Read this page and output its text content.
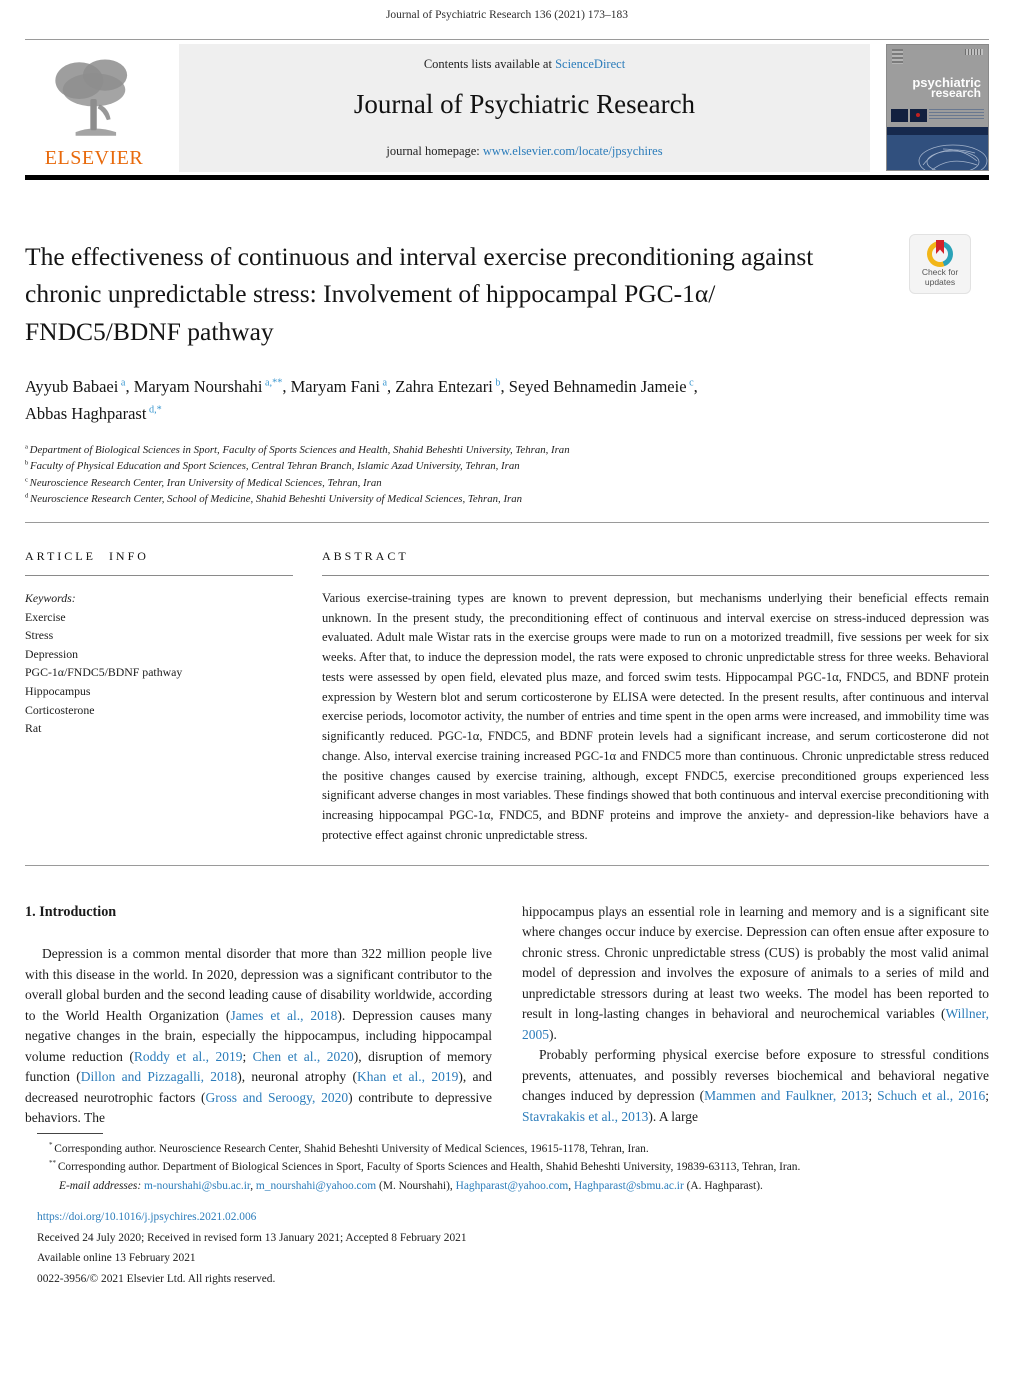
Journal of Psychiatric Research 136 (2021) 173–183
ELSEVIER
Contents lists available at ScienceDirect
Journal of Psychiatric Research
journal homepage: www.elsevier.com/locate/jpsychires
psychiatric
research
The effectiveness of continuous and interval exercise preconditioning against chronic unpredictable stress: Involvement of hippocampal PGC-1α/ FNDC5/BDNF pathway
Check for
updates
Ayyub Babaei $^a$, Maryam Nourshahi $^{a,**}$, Maryam Fani $^a$, Zahra Entezari $^b$, Seyed Behnamedin Jameie $^c$, Abbas Haghparast $^{d,*}$
$^a$ Department of Biological Sciences in Sport, Faculty of Sports Sciences and Health, Shahid Beheshti University, Tehran, Iran
$^b$ Faculty of Physical Education and Sport Sciences, Central Tehran Branch, Islamic Azad University, Tehran, Iran
$^c$ Neuroscience Research Center, Iran University of Medical Sciences, Tehran, Iran
$^d$ Neuroscience Research Center, School of Medicine, Shahid Beheshti University of Medical Sciences, Tehran, Iran
ARTICLE INFO
Keywords:
Exercise
Stress
Depression
PGC-1α/FNDC5/BDNF pathway
Hippocampus
Corticosterone
Rat
ABSTRACT
Various exercise-training types are known to prevent depression, but mechanisms underlying their beneficial effects remain unknown. In the present study, the preconditioning effect of continuous and interval exercise on stress-induced depression was evaluated. Adult male Wistar rats in the exercise groups were made to run on a motorized treadmill, five sessions per week for six weeks. After that, to induce the depression model, the rats were exposed to chronic unpredictable stress for three weeks. Behavioral tests were assessed by open field, elevated plus maze, and forced swim tests. Hippocampal PGC-1α, FNDC5, and BDNF protein expression by Western blot and serum corticosterone by ELISA were detected. In the present results, after continuous and interval exercise periods, locomotor activity, the number of entries and time spent in the open arms were increased, and immobility time was significantly reduced. PGC-1α, FNDC5, and BDNF protein levels had a significant increase, and serum corticosterone did not change. Also, interval exercise training increased PGC-1α and FNDC5 more than continuous. Chronic unpredictable stress reduced the positive changes caused by exercise training, although, except FNDC5, exercise preconditioned groups experienced less significant adverse changes in most variables. These findings showed that both continuous and interval exercise preconditioning with increasing hippocampal PGC-1α, FNDC5, and BDNF proteins and improve the anxiety- and depression-like behaviors have a protective effect against chronic unpredictable stress.
1. Introduction

Depression is a common mental disorder that more than 322 million people live with this disease in the world. In 2020, depression was a significant contributor to the overall global burden and the second leading cause of disability worldwide, according to the World Health Organization (James et al., 2018). Depression causes many negative changes in the brain, especially the hippocampus, including hippocampal volume reduction (Roddy et al., 2019; Chen et al., 2020), disruption of memory function (Dillon and Pizzagalli, 2018), neuronal atrophy (Khan et al., 2019), and decreased neurotrophic factors (Gross and Seroogy, 2020) contribute to depressive behaviors. The

hippocampus plays an essential role in learning and memory and is a significant site where changes occur induce by exercise. Depression can often ensue after exposure to chronic stress. Chronic unpredictable stress (CUS) is probably the most valid animal model of depression and involves the exposure of animals to a series of mild and unpredictable stressors during at least two weeks. The model has been reported to result in long-lasting changes in behavioral and neurochemical variables (Willner, 2005).

Probably performing physical exercise before exposure to stressful conditions prevents, attenuates, and possibly reverses biochemical and behavioral negative changes induced by depression (Mammen and Faulkner, 2013; Schuch et al., 2016; Stavrakakis et al., 2013). A large

* Corresponding author. Neuroscience Research Center, Shahid Beheshti University of Medical Sciences, 19615-1178, Tehran, Iran.
** Corresponding author. Department of Biological Sciences in Sport, Faculty of Sports Sciences and Health, Shahid Beheshti University, 19839-63113, Tehran, Iran.
E-mail addresses: m-nourshahi@sbu.ac.ir, m_nourshahi@yahoo.com (M. Nourshahi), Haghparast@yahoo.com, Haghparast@sbmu.ac.ir (A. Haghparast).
https://doi.org/10.1016/j.jpsychires.2021.02.006
Received 24 July 2020; Received in revised form 13 January 2021; Accepted 8 February 2021
Available online 13 February 2021
0022-3956/© 2021 Elsevier Ltd. All rights reserved.
